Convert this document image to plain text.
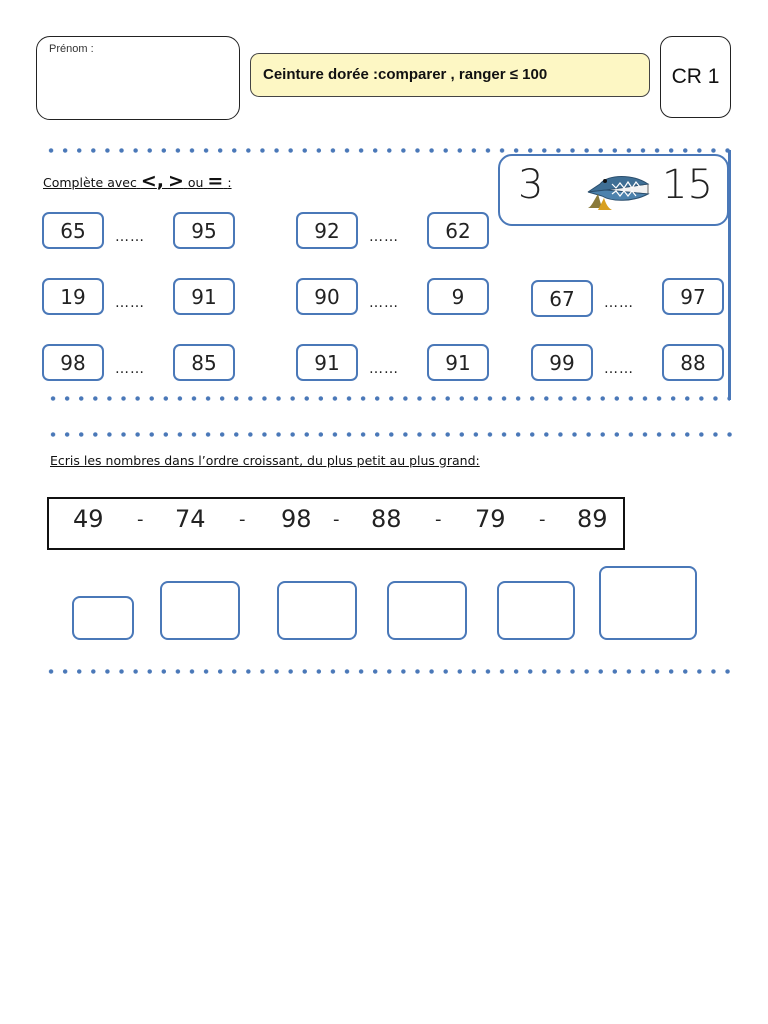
Prénom :
Ceinture dorée :comparer , ranger ≤ 100	CR 1
Complète avec <, > ou = :	3	15
65	……	95	92	……	62
19	……	91	90	……	9	67	……	97
98	……	85	91	……	91	99	……	88
Ecris les nombres dans l’ordre croissant, du plus petit au plus grand:
49 - 74 - 98 - 88 - 79 - 89
